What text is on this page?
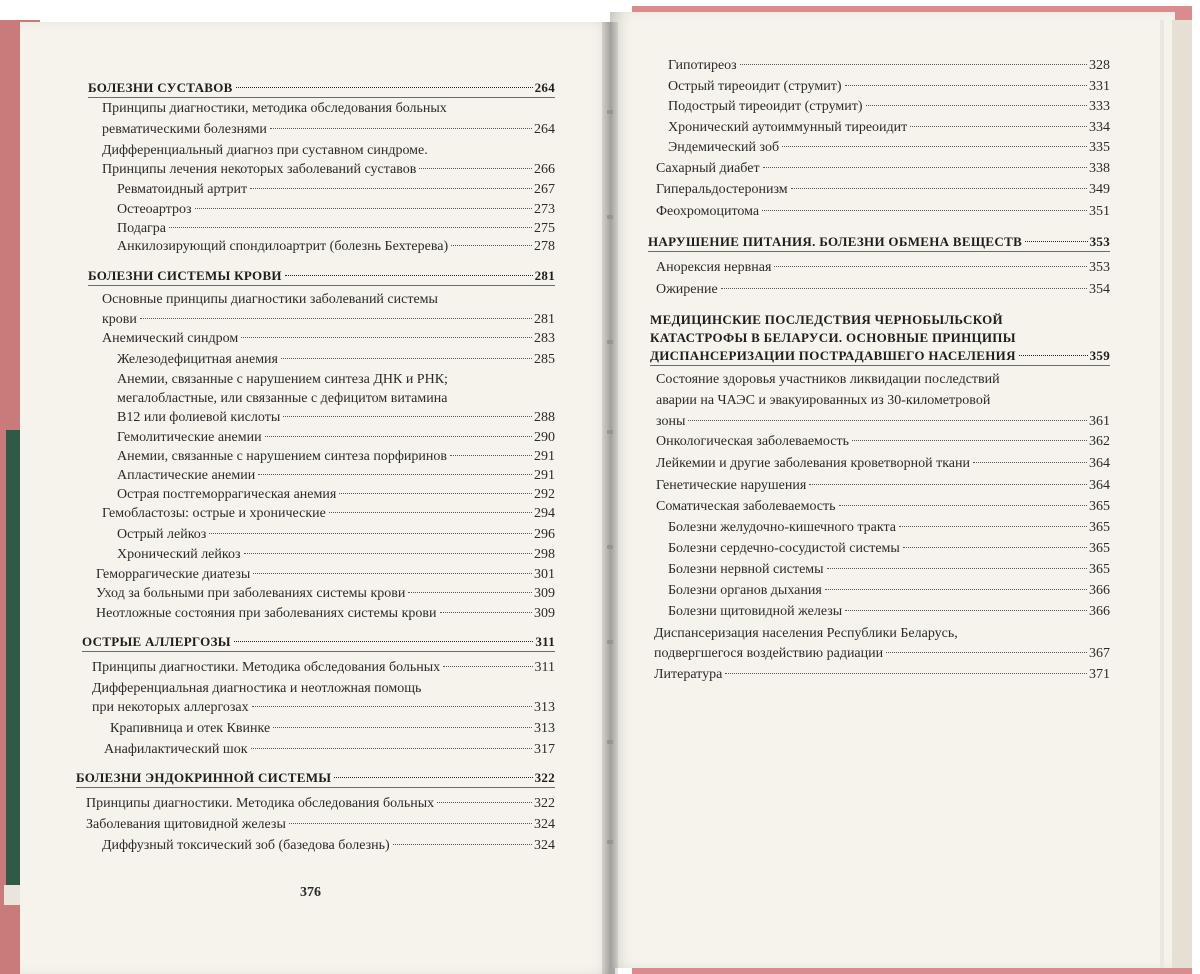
БОЛЕЗНИ СУСТАВОВ	264
Принципы диагностики, методика обследования больных
ревматическими болезнями	264
Дифференциальный диагноз при суставном синдроме.
Принципы лечения некоторых заболеваний суставов	266
Ревматоидный артрит	267
Остеоартроз	273
Подагра	275
Анкилозирующий спондилоартрит (болезнь Бехтерева)	278
БОЛЕЗНИ СИСТЕМЫ КРОВИ	281
Основные принципы диагностики заболеваний системы
крови	281
Анемический синдром	283
Железодефицитная анемия	285
Анемии, связанные с нарушением синтеза ДНК и РНК;
мегалобластные, или связанные с дефицитом витамина
B12 или фолиевой кислоты	288
Гемолитические анемии	290
Анемии, связанные с нарушением синтеза порфиринов	291
Апластические анемии	291
Острая постгеморрагическая анемия	292
Гемобластозы: острые и хронические	294
Острый лейкоз	296
Хронический лейкоз	298
Геморрагические диатезы	301
Уход за больными при заболеваниях системы крови	309
Неотложные состояния при заболеваниях системы крови	309
ОСТРЫЕ АЛЛЕРГОЗЫ	311
Принципы диагностики. Методика обследования больных	311
Дифференциальная диагностика и неотложная помощь
при некоторых аллергозах	313
Крапивница и отек Квинке	313
Анафилактический шок	317
БОЛЕЗНИ ЭНДОКРИННОЙ СИСТЕМЫ	322
Принципы диагностики. Методика обследования больных	322
Заболевания щитовидной железы	324
Диффузный токсический зоб (базедова болезнь)	324
376
Гипотиреоз	328
Острый тиреоидит (струмит)	331
Подострый тиреоидит (струмит)	333
Хронический аутоиммунный тиреоидит	334
Эндемический зоб	335
Сахарный диабет	338
Гиперальдостеронизм	349
Феохромоцитома	351
НАРУШЕНИЕ ПИТАНИЯ. БОЛЕЗНИ ОБМЕНА ВЕЩЕСТВ	353
Анорексия нервная	353
Ожирение	354
МЕДИЦИНСКИЕ ПОСЛЕДСТВИЯ ЧЕРНОБЫЛЬСКОЙ
КАТАСТРОФЫ В БЕЛАРУСИ. ОСНОВНЫЕ ПРИНЦИПЫ
ДИСПАНСЕРИЗАЦИИ ПОСТРАДАВШЕГО НАСЕЛЕНИЯ	359
Состояние здоровья участников ликвидации последствий
аварии на ЧАЭС и эвакуированных из 30-километровой
зоны	361
Онкологическая заболеваемость	362
Лейкемии и другие заболевания кроветворной ткани	364
Генетические нарушения	364
Соматическая заболеваемость	365
Болезни желудочно-кишечного тракта	365
Болезни сердечно-сосудистой системы	365
Болезни нервной системы	365
Болезни органов дыхания	366
Болезни щитовидной железы	366
Диспансеризация населения Республики Беларусь,
подвергшегося воздействию радиации	367
Литература	371
